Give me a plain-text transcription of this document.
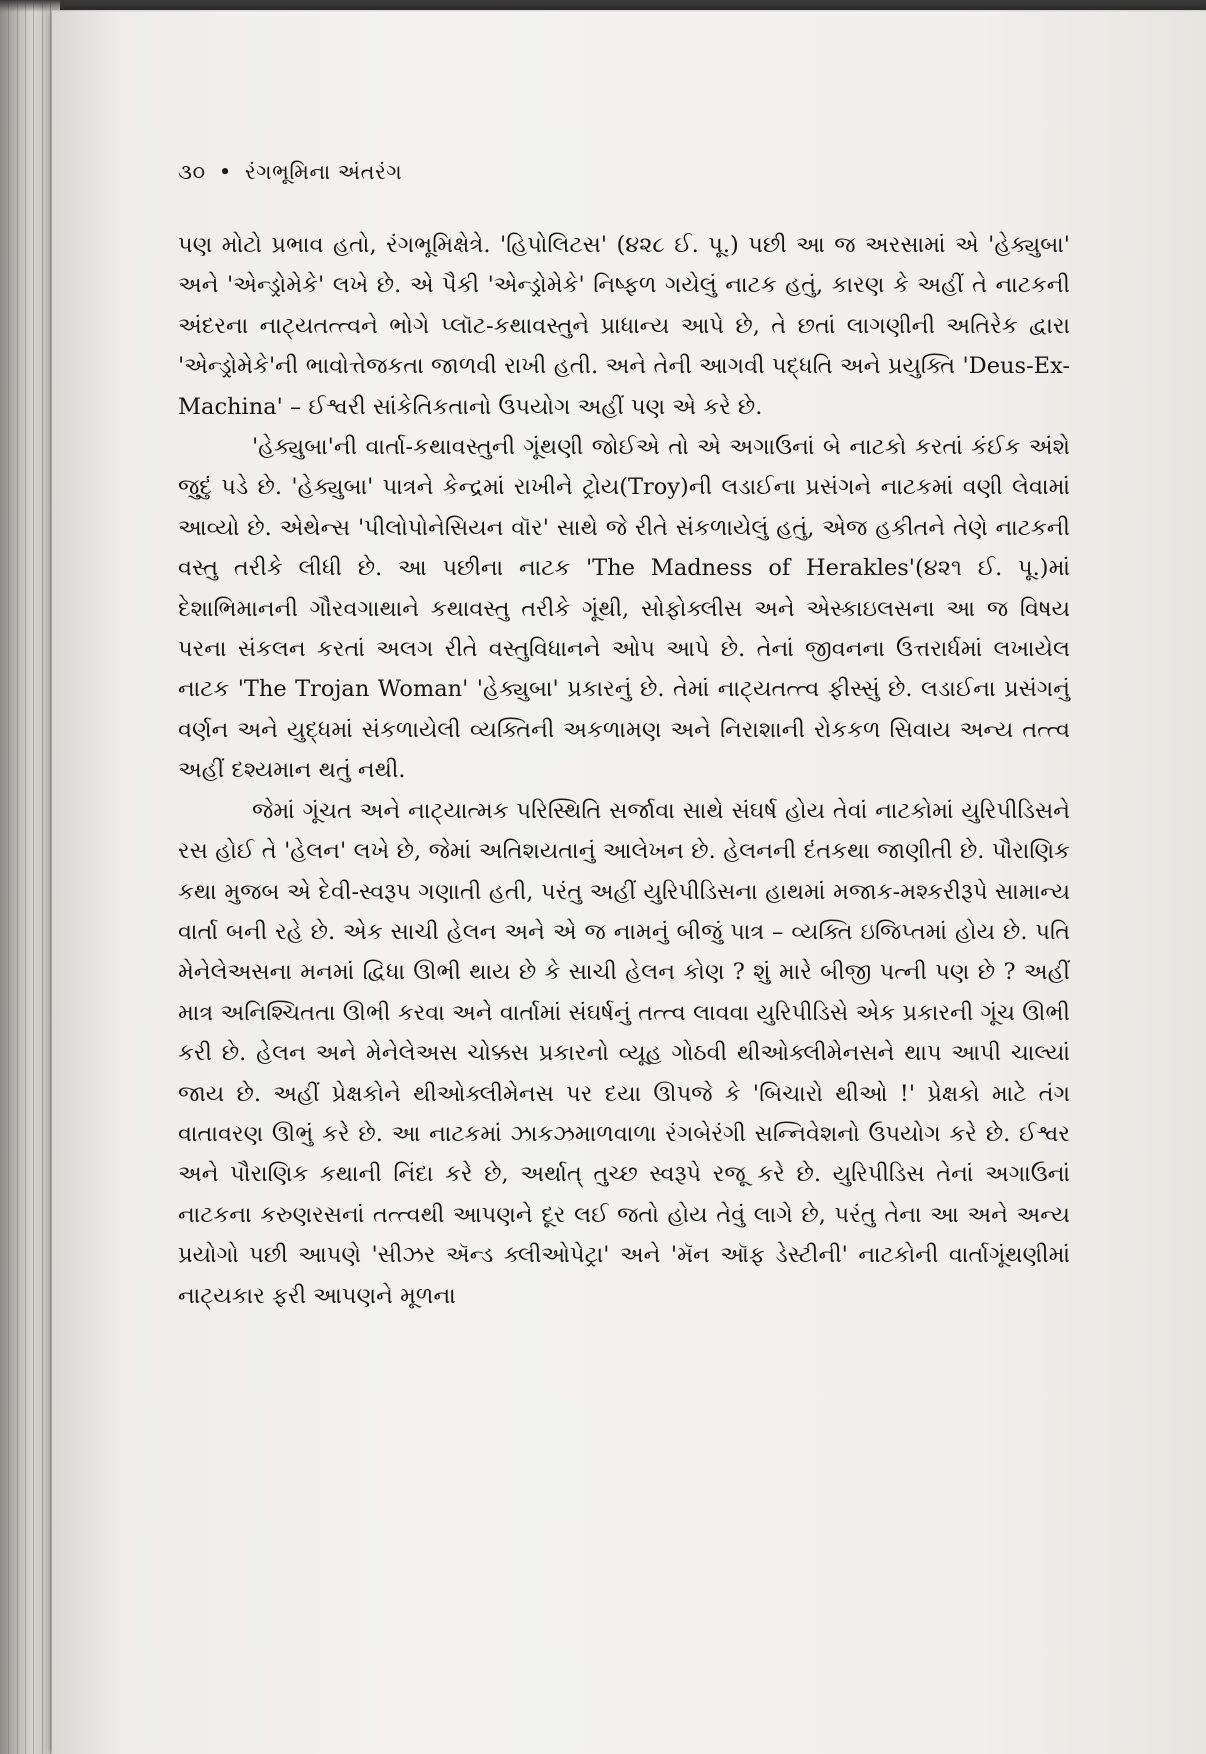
૩૦ • રંગભૂમિના અંતરંગ

પણ મોટો પ્રભાવ હતો, રંગભૂમિક્ષેત્રે. 'હિપોલિટસ' (૪૨૮ ઈ. પૂ.) પછી આ જ અરસામાં એ 'હેક્યુબા' અને 'એન્ડ્રોમેકે' લખે છે. એ પૈકી 'એન્ડ્રોમેકે' નિષ્ફળ ગયેલું નાટક હતું, કારણ કે અહીં તે નાટકની અંદરના નાટ્યતત્ત્વને ભોગે પ્લૉટ-કથાવસ્તુને પ્રાધાન્ય આપે છે, તે છતાં લાગણીની અતિરેક દ્વારા 'એન્ડ્રોમેકે'ની ભાવોત્તેજકતા જાળવી રાખી હતી. અને તેની આગવી પદ્ધતિ અને પ્રયુક્તિ 'Deus-Ex-Machina' – ઈશ્વરી સાંકેતિકતાનો ઉપયોગ અહીં પણ એ કરે છે.

'હેક્યુબા'ની વાર્તા-કથાવસ્તુની ગૂંથણી જોઈએ તો એ અગાઉનાં બે નાટકો કરતાં કંઈક અંશે જુદું પડે છે. 'હેક્યુબા' પાત્રને કેન્દ્રમાં રાખીને ટ્રોય(Troy)ની લડાઈના પ્રસંગને નાટકમાં વણી લેવામાં આવ્યો છે. એથેન્સ 'પીલોપોનેસિયન વૉર' સાથે જે રીતે સંકળાયેલું હતું, એજ હકીતને તેણે નાટકની વસ્તુ તરીકે લીધી છે. આ પછીના નાટક 'The Madness of Herakles'(૪૨૧ ઈ. પૂ.)માં દેશાભિમાનની ગૌરવગાથાને કથાવસ્તુ તરીકે ગૂંથી, સોફોક્લીસ અને એસ્કાઇલસના આ જ વિષય પરના સંકલન કરતાં અલગ રીતે વસ્તુવિધાનને ઓપ આપે છે. તેનાં જીવનના ઉત્તરાર્ધમાં લખાયેલ નાટક 'The Trojan Woman' 'હેક્યુબા' પ્રકારનું છે. તેમાં નાટ્યતત્ત્વ ફીસ્સું છે. લડાઈના પ્રસંગનું વર્ણન અને યુદ્ધમાં સંકળાયેલી વ્યક્તિની અકળામણ અને નિરાશાની રોકકળ સિવાય અન્ય તત્ત્વ અહીં દશ્યમાન થતું નથી.

જેમાં ગૂંચત અને નાટ્યાત્મક પરિસ્થિતિ સર્જાવા સાથે સંઘર્ષ હોય તેવાં નાટકોમાં યુરિપીડિસને રસ હોઈ તે 'હેલન' લખે છે, જેમાં અતિશયતાનું આલેખન છે. હેલનની દંતકથા જાણીતી છે. પૌરાણિક કથા મુજબ એ દેવી-સ્વરૂપ ગણાતી હતી, પરંતુ અહીં યુરિપીડિસના હાથમાં મજાક-મશ્કરીરૂપે સામાન્ય વાર્તા બની રહે છે. એક સાચી હેલન અને એ જ નામનું બીજું પાત્ર – વ્યક્તિ ઇજિપ્તમાં હોય છે. પતિ મેનેલેઅસના મનમાં દ્વિધા ઊભી થાય છે કે સાચી હેલન કોણ ? શું મારે બીજી પત્ની પણ છે ? અહીં માત્ર અનિશ્ચિતતા ઊભી કરવા અને વાર્તામાં સંઘર્ષનું તત્ત્વ લાવવા યુરિપીડિસે એક પ્રકારની ગૂંચ ઊભી કરી છે. હેલન અને મેનેલેઅસ ચોક્કસ પ્રકારનો વ્યૂહ ગોઠવી થીઓક્લીમેનસને થાપ આપી ચાલ્યાં જાય છે. અહીં પ્રેક્ષકોને થીઓક્લીમેનસ પર દયા ઊપજે કે 'બિચારો થીઓ !' પ્રેક્ષકો માટે તંગ વાતાવરણ ઊભું કરે છે. આ નાટકમાં ઝાકઝમાળવાળા રંગબેરંગી સન્નિવેશનો ઉપયોગ કરે છે. ઈશ્વર અને પૌરાણિક કથાની નિંદા કરે છે, અર્થાત્ તુચ્છ સ્વરૂપે રજૂ કરે છે. યુરિપીડિસ તેનાં અગાઉનાં નાટકના કરુણરસનાં તત્ત્વથી આપણને દૂર લઈ જતો હોય તેવું લાગે છે, પરંતુ તેના આ અને અન્ય પ્રયોગો પછી આપણે 'સીઝર ઍન્ડ ક્લીઓપેટ્રા' અને 'મૅન ઑફ ડેસ્ટીની' નાટકોની વાર્તાગૂંથણીમાં નાટ્યકાર ફરી આપણને મૂળના
